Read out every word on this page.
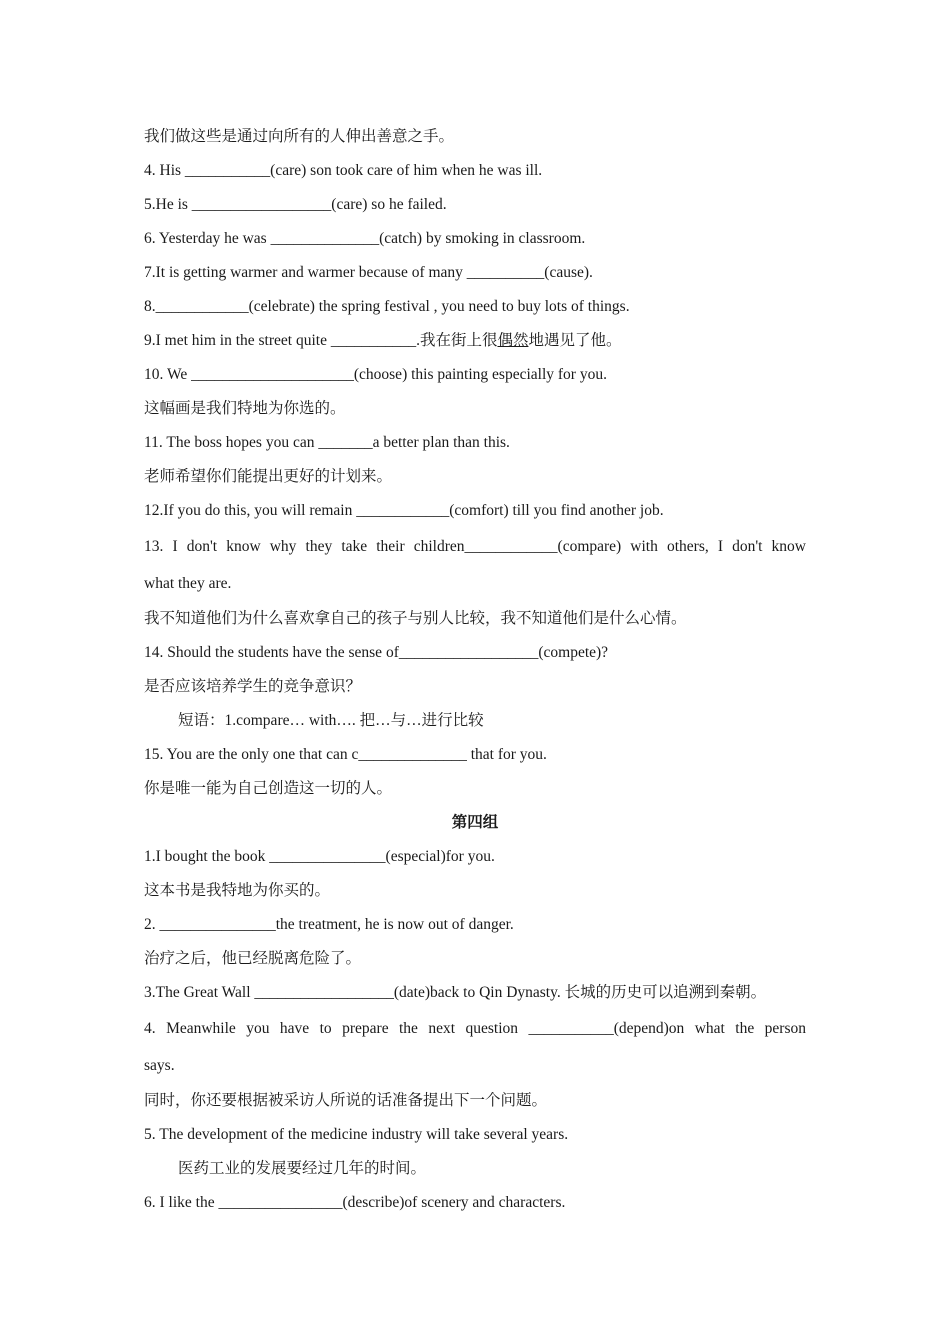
我们做这些是通过向所有的人伸出善意之手。
4. His ___________(care) son took care of him when he was ill.
5.He is __________________(care) so he failed.
6. Yesterday he was ______________(catch) by smoking in classroom.
7.It is getting warmer and warmer because of many __________(cause).
8.____________(celebrate) the spring festival , you need to buy lots of things.
9.I met him in the street quite ___________.我在街上很偶然地遇见了他。
10. We _____________________(choose) this painting especially for you.
这幅画是我们特地为你选的。
11. The boss hopes you can _______a better plan than this.
老师希望你们能提出更好的计划来。
12.If you do this, you will remain ____________(comfort) till you find another job.
13. I don't know why they take their children____________(compare) with others, I don't know
what they are.
我不知道他们为什么喜欢拿自己的孩子与别人比较，我不知道他们是什么心情。
14. Should the students have the sense of__________________(compete)?
是否应该培养学生的竞争意识？
短语：1.compare… with…. 把…与…进行比较
15. You are the only one that can c______________ that for you.
你是唯一能为自己创造这一切的人。
第四组
1.I bought the book _______________(especial)for you.
这本书是我特地为你买的。
2. _______________the treatment, he is now out of danger.
治疗之后，他已经脱离危险了。
3.The Great Wall __________________(date)back to Qin Dynasty. 长城的历史可以追溯到秦朝。
4. Meanwhile you have to prepare the next question ___________(depend)on what the person
says.
同时，你还要根据被采访人所说的话准备提出下一个问题。
5. The development of the medicine industry will take several years.
医药工业的发展要经过几年的时间。
6. I like the ________________(describe)of scenery and characters.
